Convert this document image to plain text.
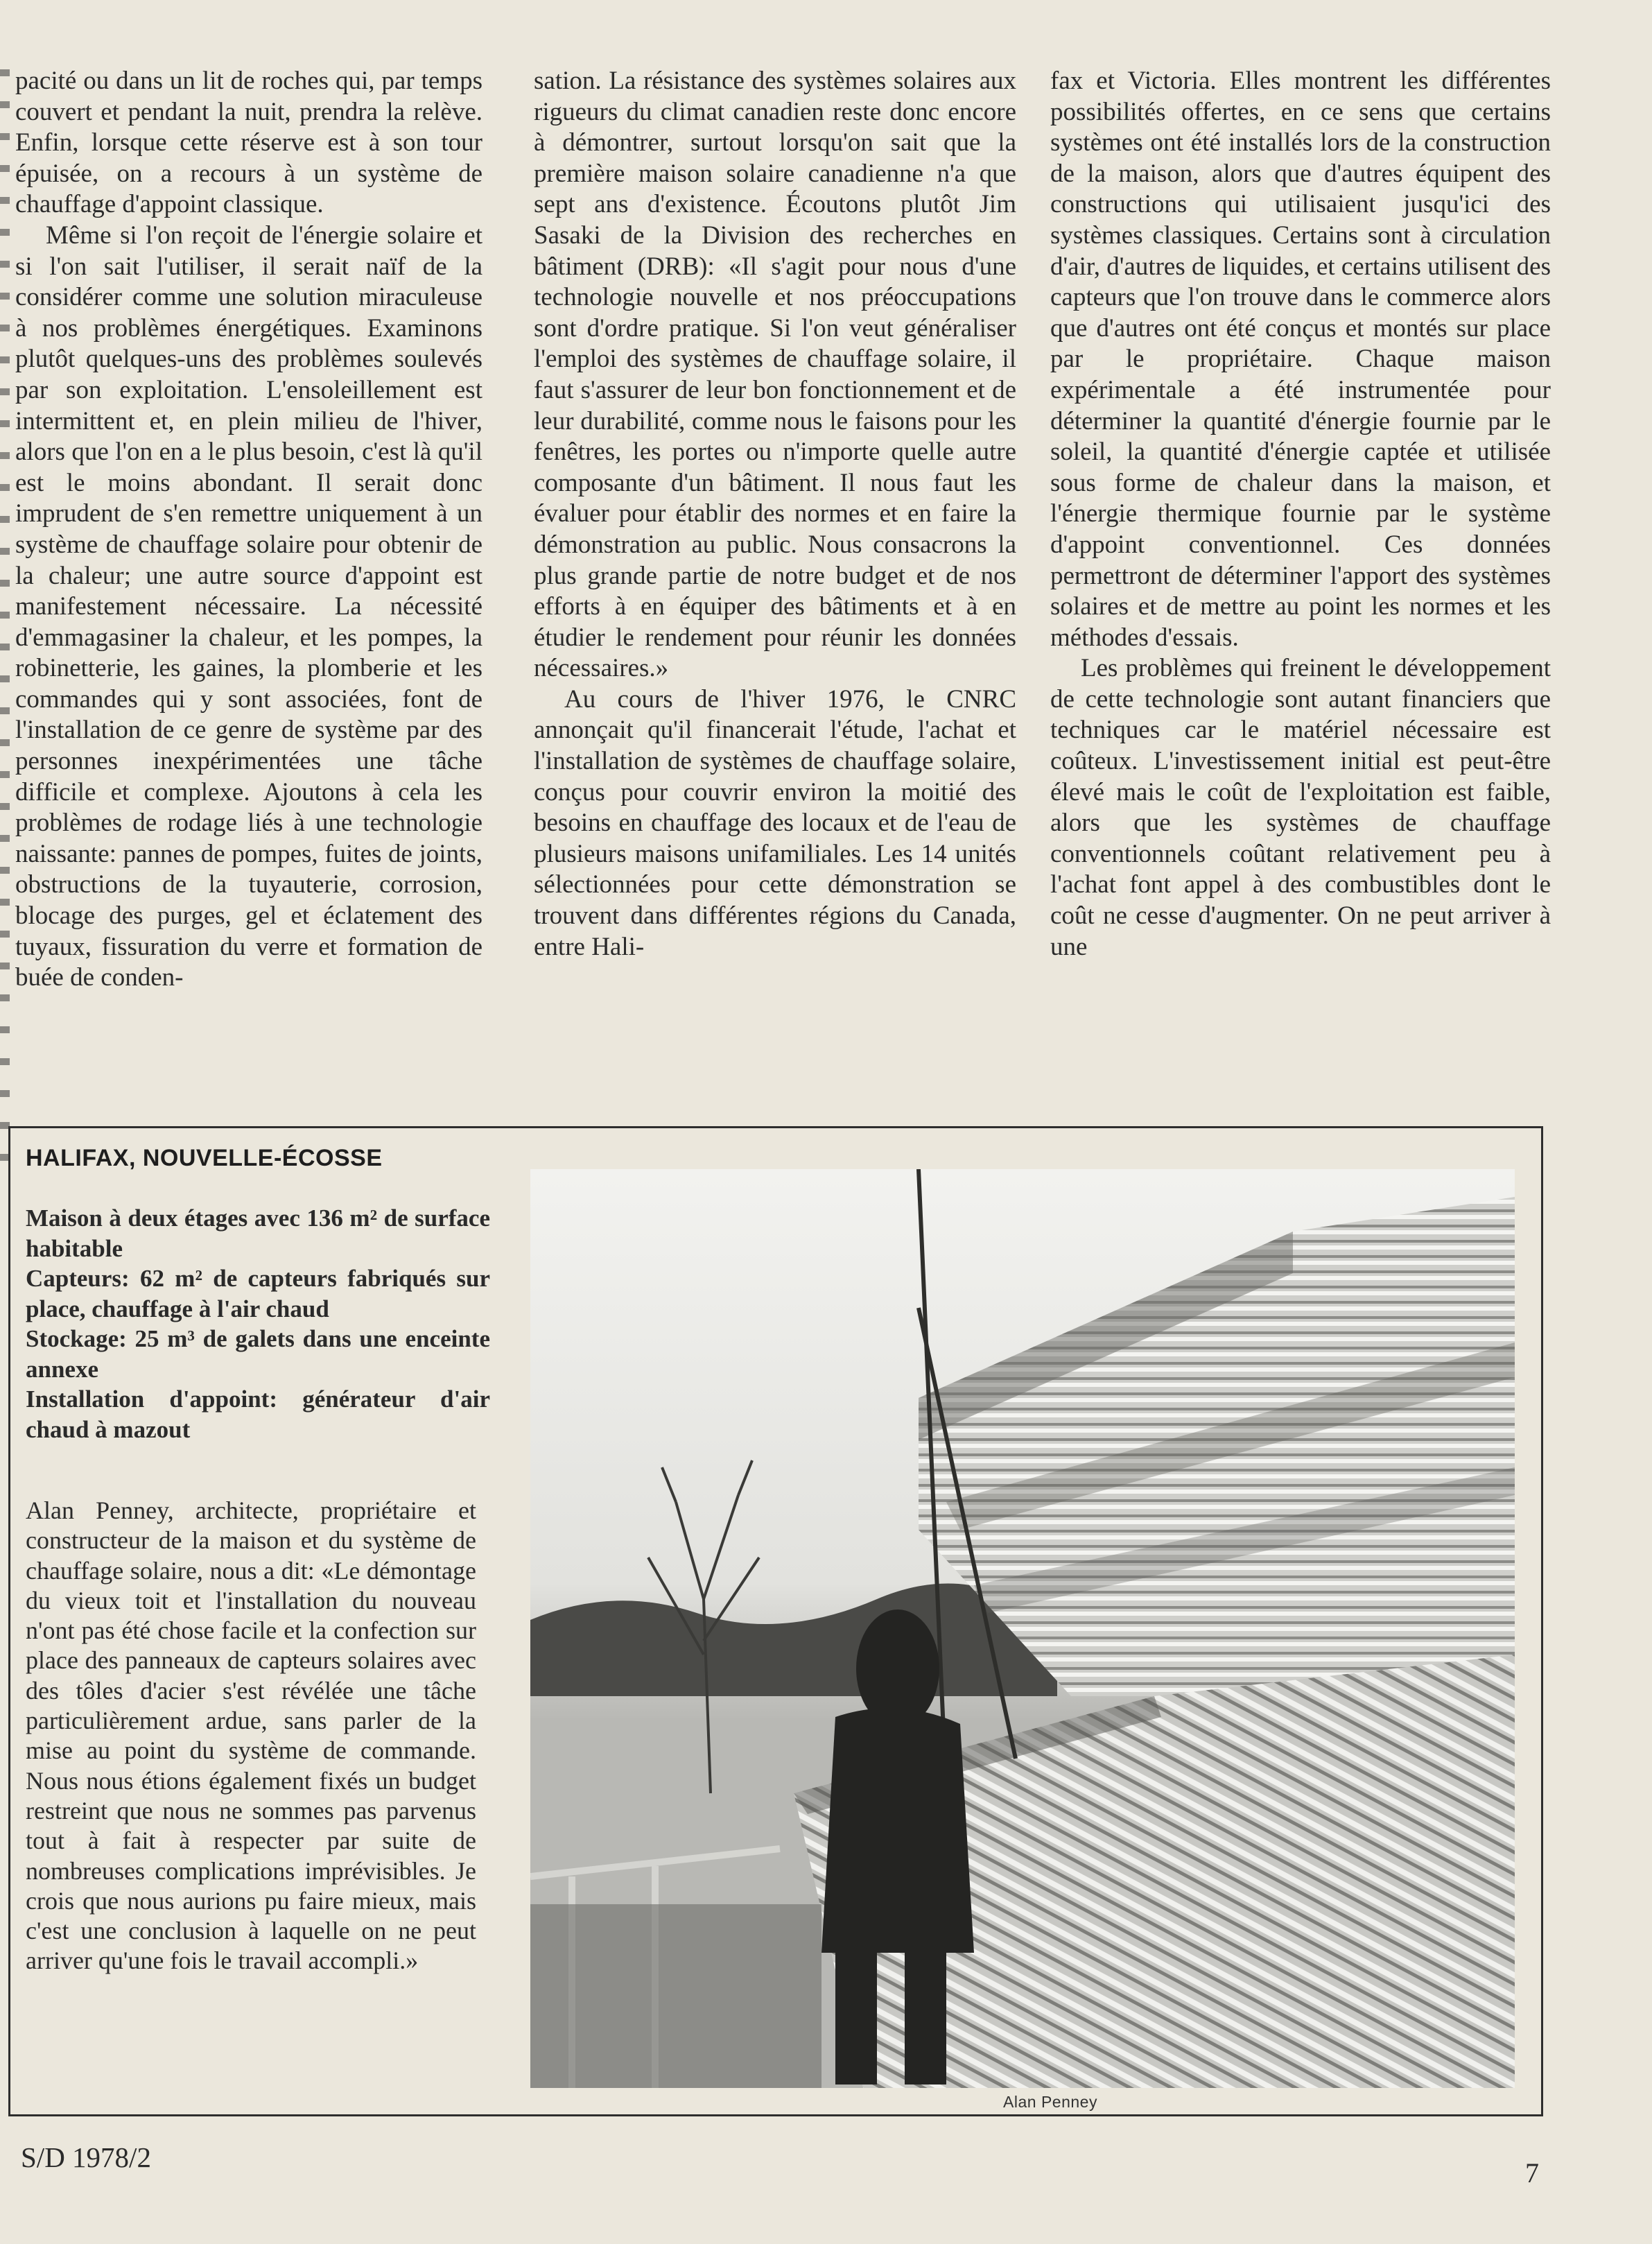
pacité ou dans un lit de roches qui, par temps couvert et pendant la nuit, prendra la relève. Enfin, lorsque cette réserve est à son tour épuisée, on a recours à un système de chauffage d'appoint classique.

Même si l'on reçoit de l'énergie solaire et si l'on sait l'utiliser, il serait naïf de la considérer comme une solution miraculeuse à nos problèmes énergétiques. Examinons plutôt quelques-uns des problèmes soulevés par son exploitation. L'ensoleillement est intermittent et, en plein milieu de l'hiver, alors que l'on en a le plus besoin, c'est là qu'il est le moins abondant. Il serait donc imprudent de s'en remettre uniquement à un système de chauffage solaire pour obtenir de la chaleur; une autre source d'appoint est manifestement nécessaire. La nécessité d'emmagasiner la chaleur, et les pompes, la robinetterie, les gaines, la plomberie et les commandes qui y sont associées, font de l'installation de ce genre de système par des personnes inexpérimentées une tâche difficile et complexe. Ajoutons à cela les problèmes de rodage liés à une technologie naissante: pannes de pompes, fuites de joints, obstructions de la tuyauterie, corrosion, blocage des purges, gel et éclatement des tuyaux, fissuration du verre et formation de buée de conden-

sation. La résistance des systèmes solaires aux rigueurs du climat canadien reste donc encore à démontrer, surtout lorsqu'on sait que la première maison solaire canadienne n'a que sept ans d'existence. Écoutons plutôt Jim Sasaki de la Division des recherches en bâtiment (DRB): «Il s'agit pour nous d'une technologie nouvelle et nos préoccupations sont d'ordre pratique. Si l'on veut généraliser l'emploi des systèmes de chauffage solaire, il faut s'assurer de leur bon fonctionnement et de leur durabilité, comme nous le faisons pour les fenêtres, les portes ou n'importe quelle autre composante d'un bâtiment. Il nous faut les évaluer pour établir des normes et en faire la démonstration au public. Nous consacrons la plus grande partie de notre budget et de nos efforts à en équiper des bâtiments et à en étudier le rendement pour réunir les données nécessaires.»

Au cours de l'hiver 1976, le CNRC annonçait qu'il financerait l'étude, l'achat et l'installation de systèmes de chauffage solaire, conçus pour couvrir environ la moitié des besoins en chauffage des locaux et de l'eau de plusieurs maisons unifamiliales. Les 14 unités sélectionnées pour cette démonstration se trouvent dans différentes régions du Canada, entre Hali-

fax et Victoria. Elles montrent les différentes possibilités offertes, en ce sens que certains systèmes ont été installés lors de la construction de la maison, alors que d'autres équipent des constructions qui utilisaient jusqu'ici des systèmes classiques. Certains sont à circulation d'air, d'autres de liquides, et certains utilisent des capteurs que l'on trouve dans le commerce alors que d'autres ont été conçus et montés sur place par le propriétaire. Chaque maison expérimentale a été instrumentée pour déterminer la quantité d'énergie fournie par le soleil, la quantité d'énergie captée et utilisée sous forme de chaleur dans la maison, et l'énergie thermique fournie par le système d'appoint conventionnel. Ces données permettront de déterminer l'apport des systèmes solaires et de mettre au point les normes et les méthodes d'essais.

Les problèmes qui freinent le développement de cette technologie sont autant financiers que techniques car le matériel nécessaire est coûteux. L'investissement initial est peut-être élevé mais le coût de l'exploitation est faible, alors que les systèmes de chauffage conventionnels coûtant relativement peu à l'achat font appel à des combustibles dont le coût ne cesse d'augmenter. On ne peut arriver à une

HALIFAX, NOUVELLE-ÉCOSSE

Maison à deux étages avec 136 m² de surface habitable

Capteurs: 62 m² de capteurs fabriqués sur place, chauffage à l'air chaud

Stockage: 25 m³ de galets dans une enceinte annexe

Installation d'appoint: générateur d'air chaud à mazout

Alan Penney, architecte, propriétaire et constructeur de la maison et du système de chauffage solaire, nous a dit: «Le démontage du vieux toit et l'installation du nouveau n'ont pas été chose facile et la confection sur place des panneaux de capteurs solaires avec des tôles d'acier s'est révélée une tâche particulièrement ardue, sans parler de la mise au point du système de commande. Nous nous étions également fixés un budget restreint que nous ne sommes pas parvenus tout à fait à respecter par suite de nombreuses complications imprévisibles. Je crois que nous aurions pu faire mieux, mais c'est une conclusion à laquelle on ne peut arriver qu'une fois le travail accompli.»

Alan Penney
S/D 1978/2	7
